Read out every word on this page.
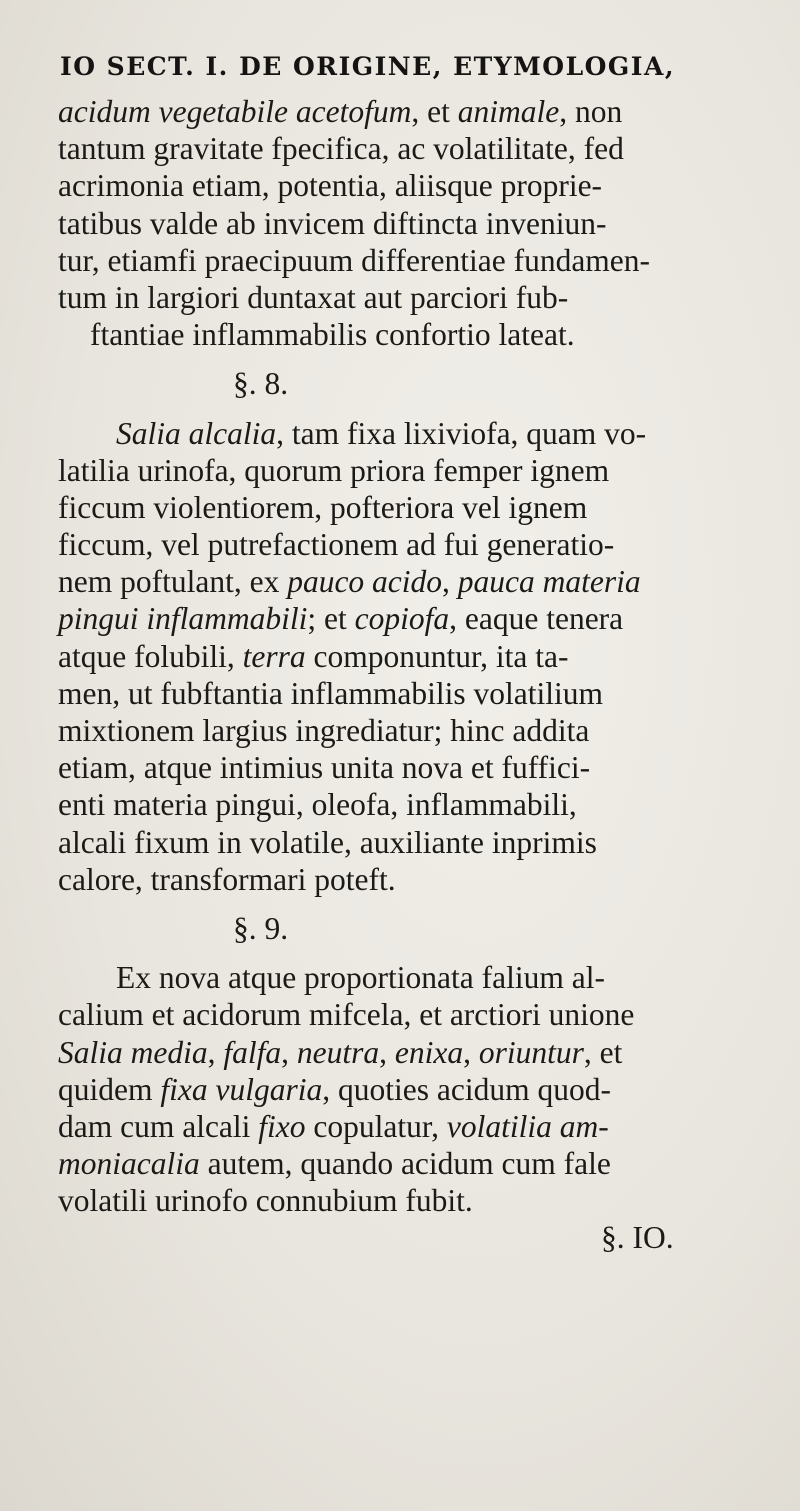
IO SECT. I. DE ORIGINE, ETYMOLOGIA,
acidum vegetabile acetofum, et animale, non
tantum gravitate fpecifica, ac volatilitate, fed
acrimonia etiam, potentia, aliisque proprie-
tatibus valde ab invicem diftincta inveniun-
tur, etiamfi praecipuum differentiae fundamen-
tum in largiori duntaxat aut parciori fub-
ftantiae inflammabilis confortio lateat.
§. 8.
Salia alcalia, tam fixa lixiviofa, quam vo-
latilia urinofa, quorum priora femper ignem
ficcum violentiorem, pofteriora vel ignem
ficcum, vel putrefactionem ad fui generatio-
nem poftulant, ex pauco acido, pauca materia
pingui inflammabili; et copiofa, eaque tenera
atque folubili, terra componuntur, ita ta-
men, ut fubftantia inflammabilis volatilium
mixtionem largius ingrediatur; hinc addita
etiam, atque intimius unita nova et fuffici-
enti materia pingui, oleofa, inflammabili,
alcali fixum in volatile, auxiliante inprimis
calore, transformari poteft.
§. 9.
Ex nova atque proportionata falium al-
calium et acidorum mifcela, et arctiori unione
Salia media, falfa, neutra, enixa, oriuntur, et
quidem fixa vulgaria, quoties acidum quod-
dam cum alcali fixo copulatur, volatilia am-
moniacalia autem, quando acidum cum fale
volatili urinofo connubium fubit.
§. IO.
